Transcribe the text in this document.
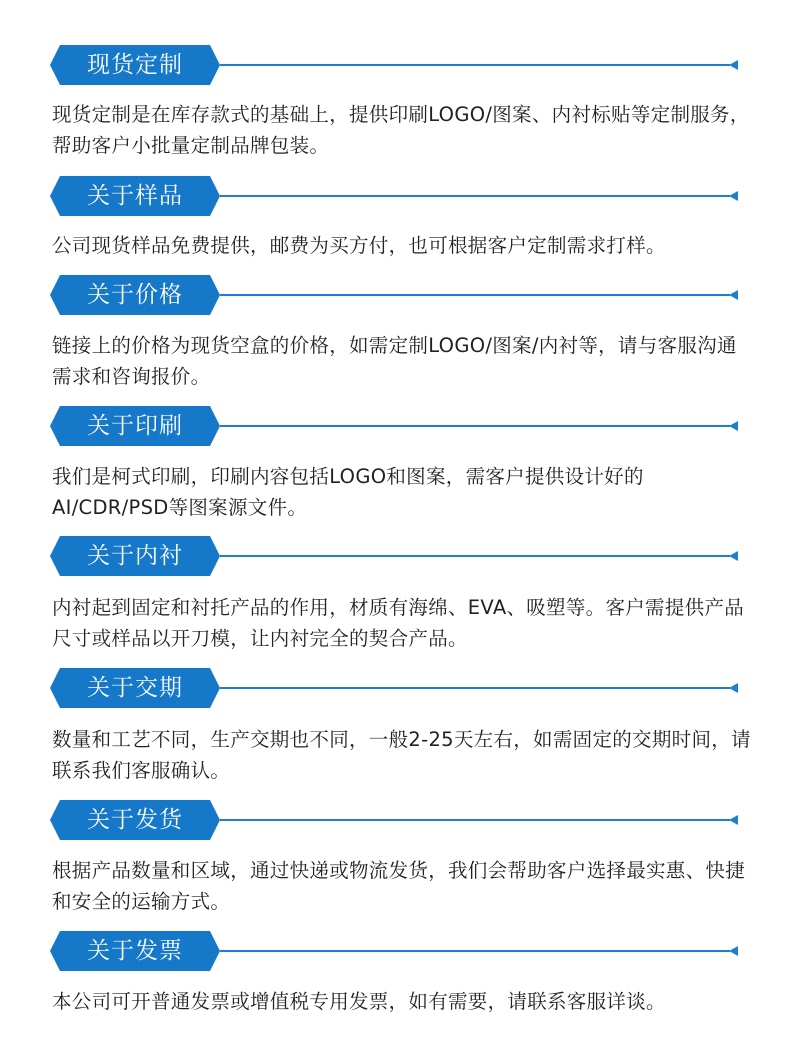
现货定制
现货定制是在库存款式的基础上，提供印刷LOGO/图案、内衬标贴等定制服务，帮助客户小批量定制品牌包装。
关于样品
公司现货样品免费提供，邮费为买方付，也可根据客户定制需求打样。
关于价格
链接上的价格为现货空盒的价格，如需定制LOGO/图案/内衬等，请与客服沟通需求和咨询报价。
关于印刷
我们是柯式印刷，印刷内容包括LOGO和图案，需客户提供设计好的AI/CDR/PSD等图案源文件。
关于内衬
内衬起到固定和衬托产品的作用，材质有海绵、EVA、吸塑等。客户需提供产品尺寸或样品以开刀模，让内衬完全的契合产品。
关于交期
数量和工艺不同，生产交期也不同，一般2-25天左右，如需固定的交期时间，请联系我们客服确认。
关于发货
根据产品数量和区域，通过快递或物流发货，我们会帮助客户选择最实惠、快捷和安全的运输方式。
关于发票
本公司可开普通发票或增值税专用发票，如有需要，请联系客服详谈。
